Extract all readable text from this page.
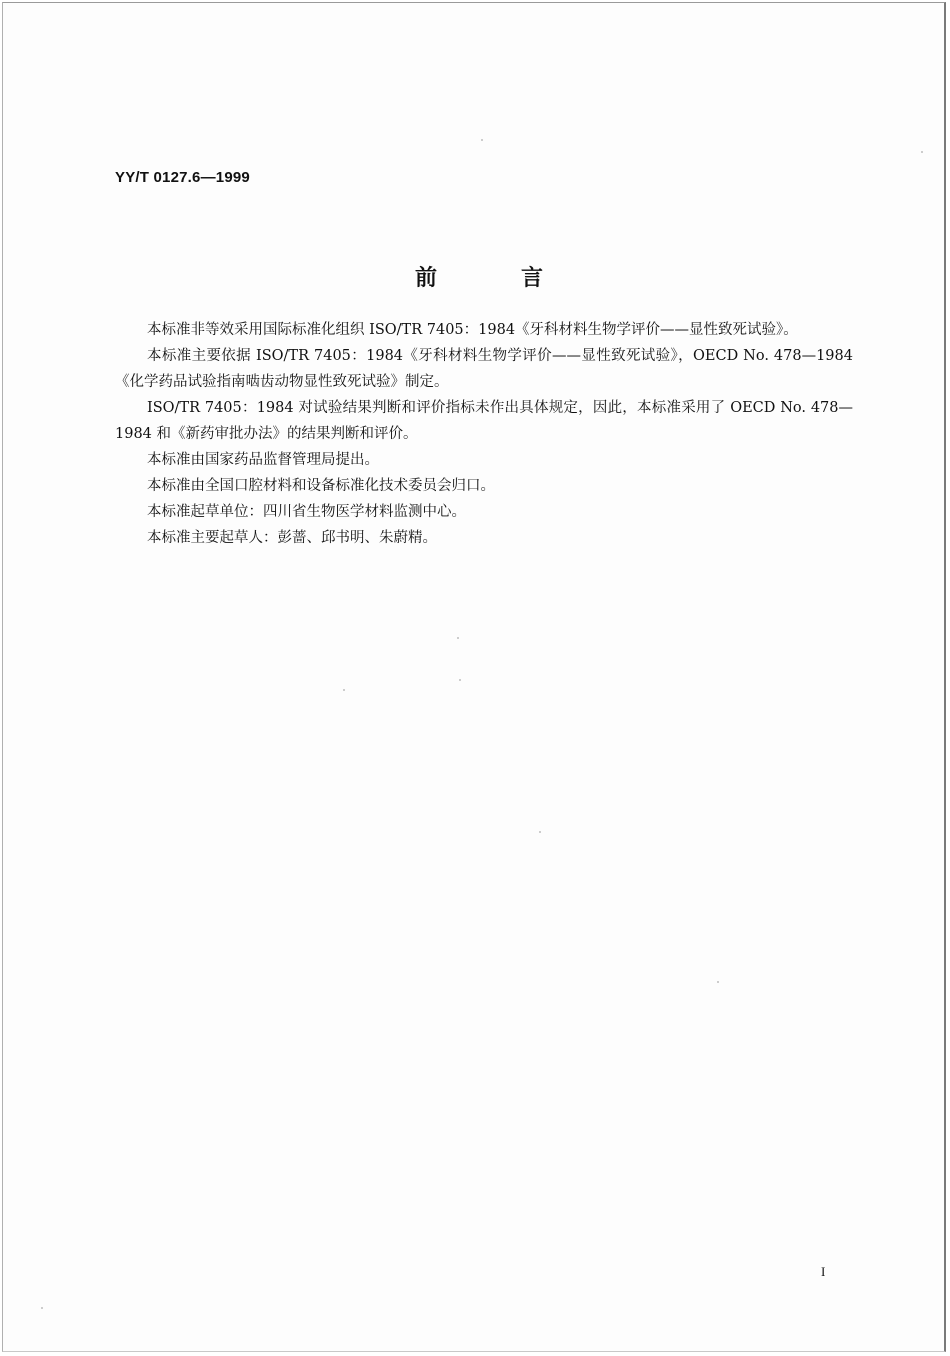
YY/T 0127.6—1999
前言

本标准非等效采用国际标准化组织 ISO/TR 7405：1984《牙科材料生物学评价——显性致死试验》。

本标准主要依据 ISO/TR 7405：1984《牙科材料生物学评价——显性致死试验》，OECD No. 478—1984《化学药品试验指南啮齿动物显性致死试验》制定。

ISO/TR 7405：1984 对试验结果判断和评价指标未作出具体规定，因此，本标准采用了 OECD No. 478—1984 和《新药审批办法》的结果判断和评价。

本标准由国家药品监督管理局提出。

本标准由全国口腔材料和设备标准化技术委员会归口。

本标准起草单位：四川省生物医学材料监测中心。

本标准主要起草人：彭蔷、邱书明、朱蔚精。

I
